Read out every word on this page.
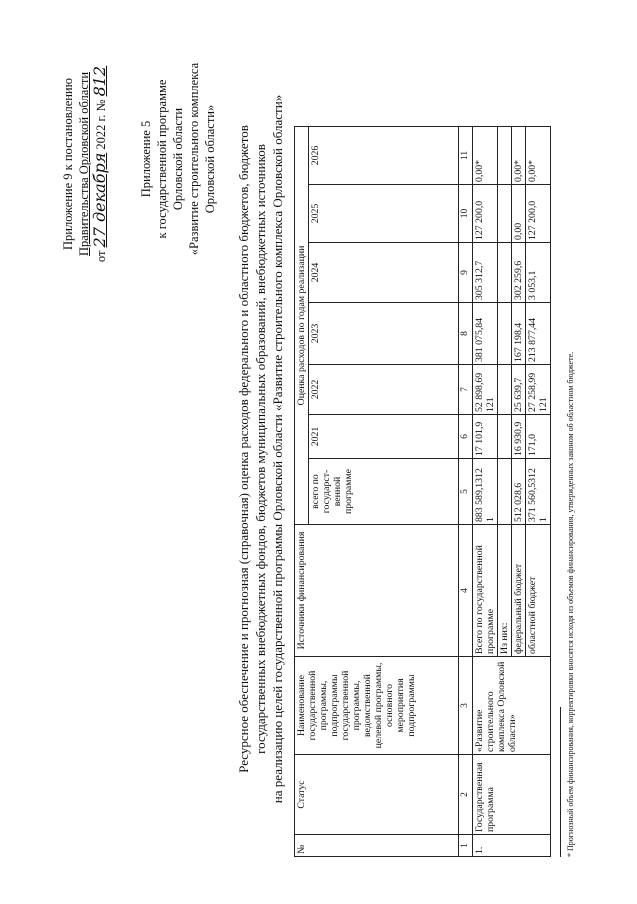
Приложение 9 к постановлению Правительства Орловской области
от 27 декабря 2022 г. № 812
Приложение 5 к государственной программе Орловской области «Развитие строительного комплекса Орловской области» Ресурсное обеспечение и прогнозная (справочная) оценка расходов федерального и областного бюджетов, бюджетов государственных внебюджетных фондов, бюджетов муниципальных образований, внебюджетных источников на реализацию целей государственной программы Орловской области «Развитие строительного комплекса Орловской области»
№	Статус	Наименование государственной программы, подпрограммы государственной программы, ведомственной целевой программы, основного мероприятия подпрограммы	Источники финансирования	Оценка расходов по годам реализации						
				всего по государст-венной программе	2021	2022	2023	2024	2025	2026
1	2	3	4	5	6	7	8	9	10	11
1.	Государственная программа	«Развитие строительного комплекса Орловской области»	Всего по государственной программе	883 589,1312 1	17 101,9	52 898,69 121	381 075,84	305 312,7	127 200,0	0,00*
			Из них:							
			федеральный бюджет	512 028,6	16 930,9	25 639,7	167 198,4	302 259,6	0,00	0,00*
			областной бюджет	371 560,5312 1	171,0	27 258,99 121	213 877,44	3 053,1	127 200,0	0,00*
* Прогнозный объем финансирования, корректировки вносятся исходя из объемов финансирования, утвержденных законом об областном бюджете.
